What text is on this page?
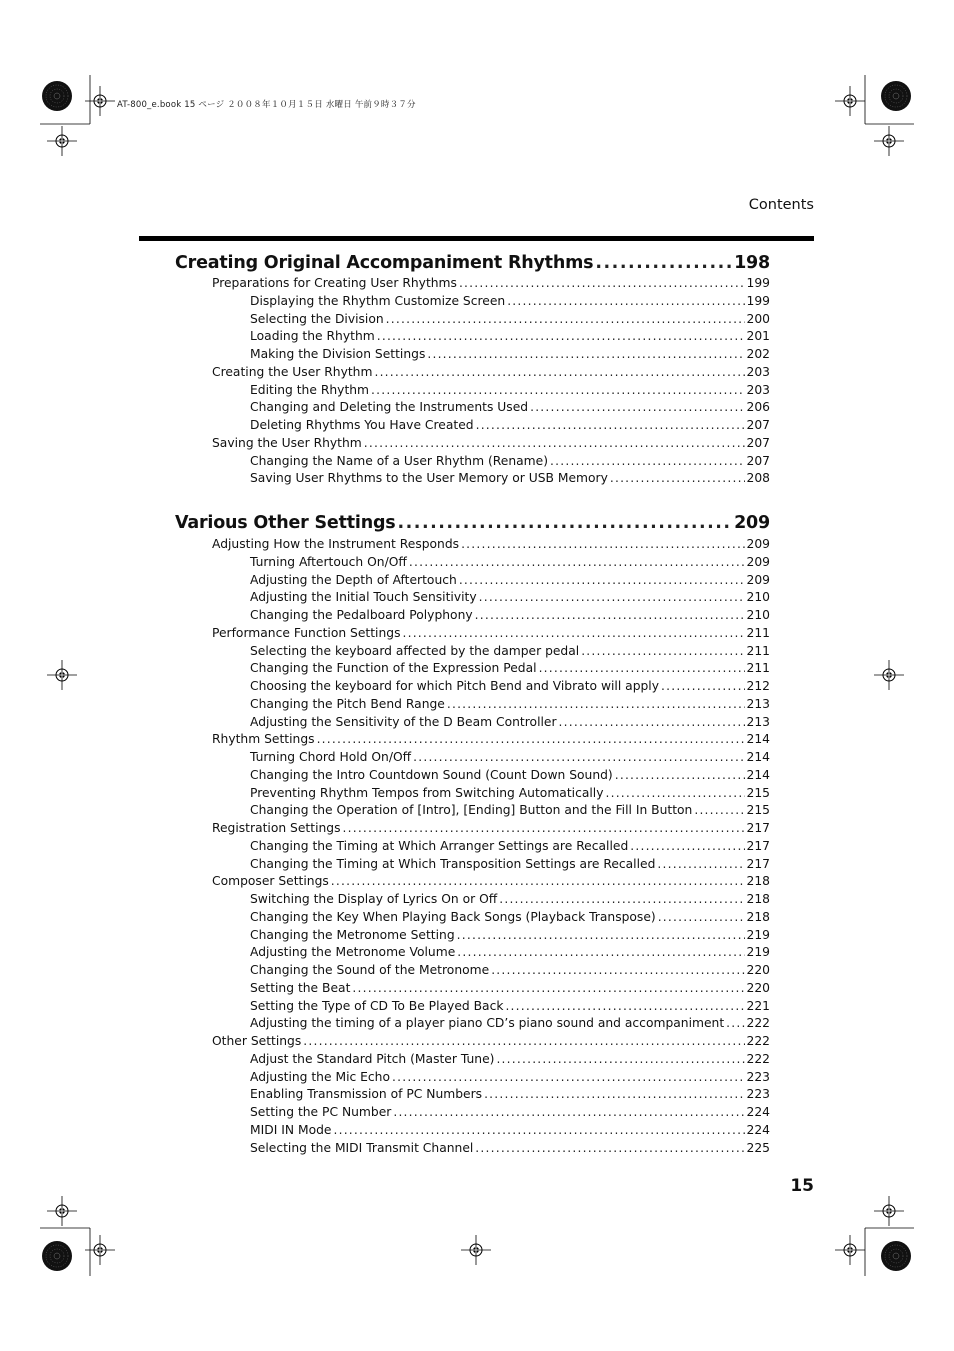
AT-800_e.book 15 ページ ２００８年１０月１５日 水曜日 午前９時３７分
Contents
Creating Original Accompaniment Rhythms .....	198
Preparations for Creating User Rhythms .....	199
Displaying the Rhythm Customize Screen .....	199
Selecting the Division .....	200
Loading the Rhythm .....	201
Making the Division Settings .....	202
Creating the User Rhythm .....	203
Editing the Rhythm .....	203
Changing and Deleting the Instruments Used .....	206
Deleting Rhythms You Have Created .....	207
Saving the User Rhythm .....	207
Changing the Name of a User Rhythm (Rename) .....	207
Saving User Rhythms to the User Memory or USB Memory .....	208
Various Other Settings .....	209
Adjusting How the Instrument Responds .....	209
Turning Aftertouch On/Off .....	209
Adjusting the Depth of Aftertouch .....	209
Adjusting the Initial Touch Sensitivity .....	210
Changing the Pedalboard Polyphony .....	210
Performance Function Settings .....	211
Selecting the keyboard affected by the damper pedal .....	211
Changing the Function of the Expression Pedal .....	211
Choosing the keyboard for which Pitch Bend and Vibrato will apply .....	212
Changing the Pitch Bend Range .....	213
Adjusting the Sensitivity of the D Beam Controller .....	213
Rhythm Settings .....	214
Turning Chord Hold On/Off .....	214
Changing the Intro Countdown Sound (Count Down Sound) .....	214
Preventing Rhythm Tempos from Switching Automatically .....	215
Changing the Operation of [Intro], [Ending] Button and the Fill In Button .....	215
Registration Settings .....	217
Changing the Timing at Which Arranger Settings are Recalled .....	217
Changing the Timing at Which Transposition Settings are Recalled .....	217
Composer Settings .....	218
Switching the Display of Lyrics On or Off .....	218
Changing the Key When Playing Back Songs (Playback Transpose) .....	218
Changing the Metronome Setting .....	219
Adjusting the Metronome Volume .....	219
Changing the Sound of the Metronome .....	220
Setting the Beat .....	220
Setting the Type of CD To Be Played Back .....	221
Adjusting the timing of a player piano CD’s piano sound and accompaniment ..... 222
Other Settings .....	222
Adjust the Standard Pitch (Master Tune) .....	222
Adjusting the Mic Echo .....	223
Enabling Transmission of PC Numbers .....	223
Setting the PC Number .....	224
MIDI IN Mode .....	224
Selecting the MIDI Transmit Channel .....	225
15
